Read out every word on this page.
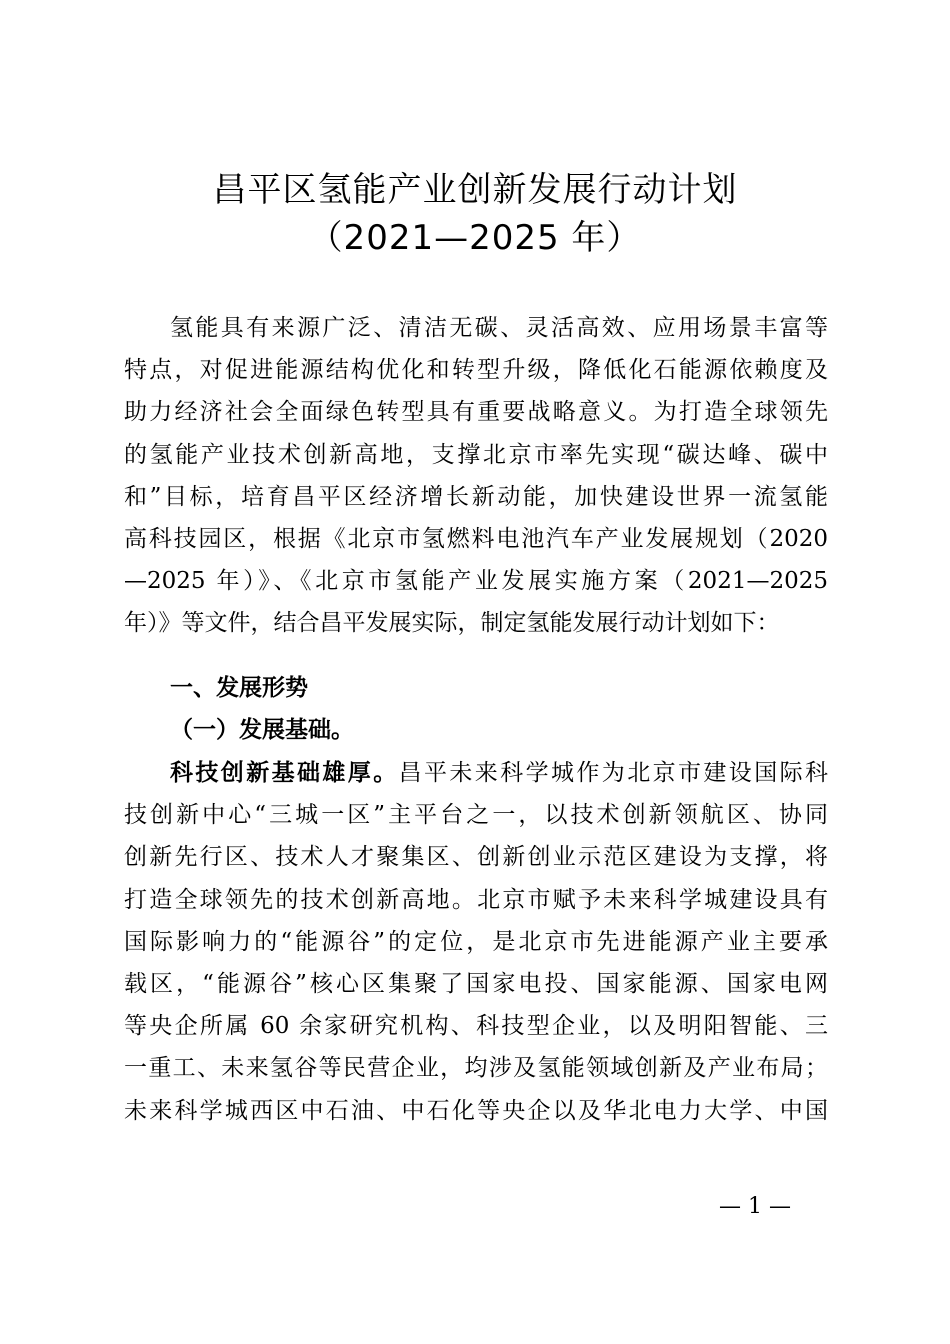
昌平区氢能产业创新发展行动计划
（2021—2025 年）
氢能具有来源广泛、清洁无碳、灵活高效、应用场景丰富等
特点，对促进能源结构优化和转型升级，降低化石能源依赖度及
助力经济社会全面绿色转型具有重要战略意义。为打造全球领先
的氢能产业技术创新高地，支撑北京市率先实现“碳达峰、碳中
和”目标，培育昌平区经济增长新动能，加快建设世界一流氢能
高科技园区，根据《北京市氢燃料电池汽车产业发展规划（2020
—2025 年）》、《北京市氢能产业发展实施方案（2021—2025
年）》等文件，结合昌平发展实际，制定氢能发展行动计划如下：
一、发展形势
（一）发展基础。
科技创新基础雄厚。昌平未来科学城作为北京市建设国际科
技创新中心“三城一区”主平台之一，以技术创新领航区、协同
创新先行区、技术人才聚集区、创新创业示范区建设为支撑，将
打造全球领先的技术创新高地。北京市赋予未来科学城建设具有
国际影响力的“能源谷”的定位，是北京市先进能源产业主要承
载区，“能源谷”核心区集聚了国家电投、国家能源、国家电网
等央企所属 60 余家研究机构、科技型企业，以及明阳智能、三
一重工、未来氢谷等民营企业，均涉及氢能领域创新及产业布局；
未来科学城西区中石油、中石化等央企以及华北电力大学、中国
— 1 —
